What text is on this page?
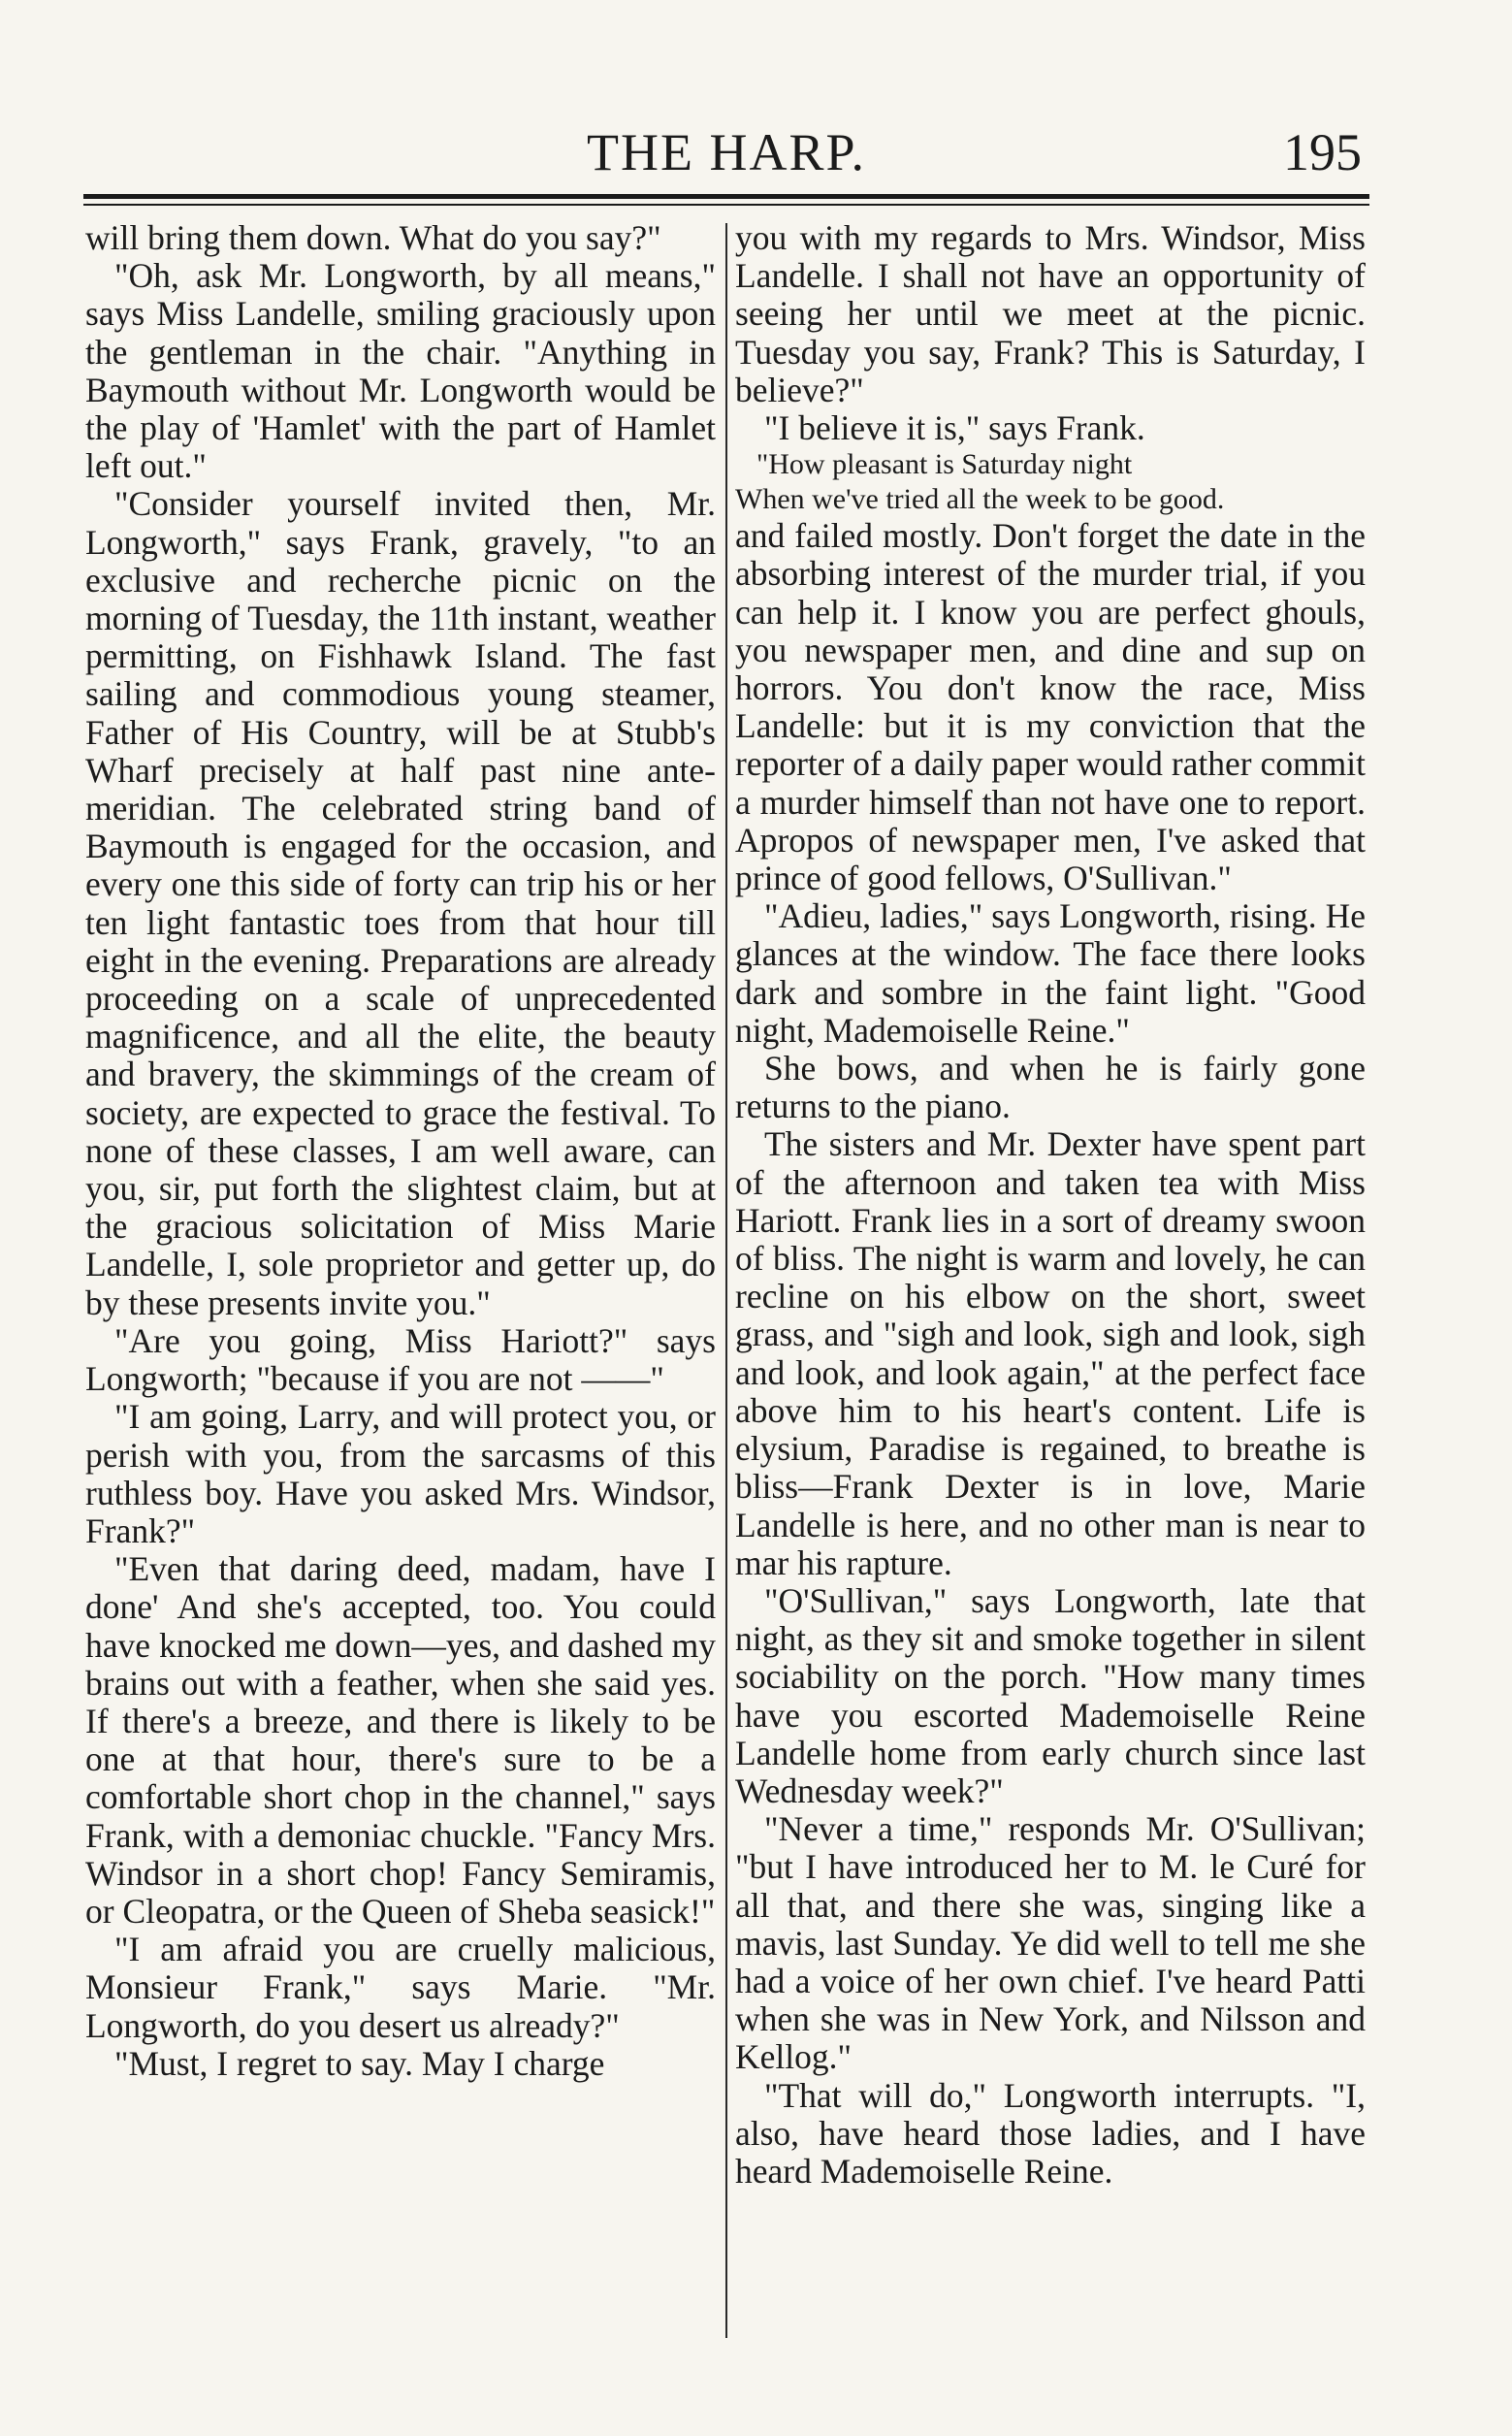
THE HARP.	195

will bring them down. What do you say?"

"Oh, ask Mr. Longworth, by all means," says Miss Landelle, smiling graciously upon the gentleman in the chair. "Anything in Baymouth without Mr. Longworth would be the play of 'Hamlet' with the part of Hamlet left out."

"Consider yourself invited then, Mr. Longworth," says Frank, gravely, "to an exclusive and recherche picnic on the morning of Tuesday, the 11th instant, weather permitting, on Fishhawk Island. The fast sailing and commodious young steamer, Father of His Country, will be at Stubb's Wharf precisely at half past nine ante- meridian. The celebrated string band of Baymouth is engaged for the occasion, and every one this side of forty can trip his or her ten light fantastic toes from that hour till eight in the evening. Preparations are already proceeding on a scale of unprecedented magnificence, and all the elite, the beauty and bravery, the skimmings of the cream of society, are expected to grace the festival. To none of these classes, I am well aware, can you, sir, put forth the slightest claim, but at the gracious solicitation of Miss Marie Landelle, I, sole proprietor and getter up, do by these presents invite you."

"Are you going, Miss Hariott?" says Longworth; "because if you are not ——"

"I am going, Larry, and will protect you, or perish with you, from the sarcasms of this ruthless boy. Have you asked Mrs. Windsor, Frank?"

"Even that daring deed, madam, have I done' And she's accepted, too. You could have knocked me down—yes, and dashed my brains out with a feather, when she said yes. If there's a breeze, and there is likely to be one at that hour, there's sure to be a comfortable short chop in the channel," says Frank, with a demoniac chuckle. "Fancy Mrs. Windsor in a short chop! Fancy Semiramis, or Cleopatra, or the Queen of Sheba seasick!"

"I am afraid you are cruelly malicious, Monsieur Frank," says Marie. "Mr. Longworth, do you desert us already?"

"Must, I regret to say. May I charge

you with my regards to Mrs. Windsor, Miss Landelle. I shall not have an opportunity of seeing her until we meet at the picnic. Tuesday you say, Frank? This is Saturday, I believe?"

"I believe it is," says Frank.

"How pleasant is Saturday night

When we've tried all the week to be good.

and failed mostly. Don't forget the date in the absorbing interest of the murder trial, if you can help it. I know you are perfect ghouls, you newspaper men, and dine and sup on horrors. You don't know the race, Miss Landelle: but it is my conviction that the reporter of a daily paper would rather commit a murder himself than not have one to report. Apropos of newspaper men, I've asked that prince of good fellows, O'Sullivan."

"Adieu, ladies," says Longworth, rising. He glances at the window. The face there looks dark and sombre in the faint light. "Good night, Mademoiselle Reine."

She bows, and when he is fairly gone returns to the piano.

The sisters and Mr. Dexter have spent part of the afternoon and taken tea with Miss Hariott. Frank lies in a sort of dreamy swoon of bliss. The night is warm and lovely, he can recline on his elbow on the short, sweet grass, and "sigh and look, sigh and look, sigh and look, and look again," at the perfect face above him to his heart's content. Life is elysium, Paradise is regained, to breathe is bliss—Frank Dexter is in love, Marie Landelle is here, and no other man is near to mar his rapture.

"O'Sullivan," says Longworth, late that night, as they sit and smoke together in silent sociability on the porch. "How many times have you escorted Mademoiselle Reine Landelle home from early church since last Wednesday week?"

"Never a time," responds Mr. O'Sullivan; "but I have introduced her to M. le Curé for all that, and there she was, singing like a mavis, last Sunday. Ye did well to tell me she had a voice of her own chief. I've heard Patti when she was in New York, and Nilsson and Kellog."

"That will do," Longworth interrupts. "I, also, have heard those ladies, and I have heard Mademoiselle Reine.
